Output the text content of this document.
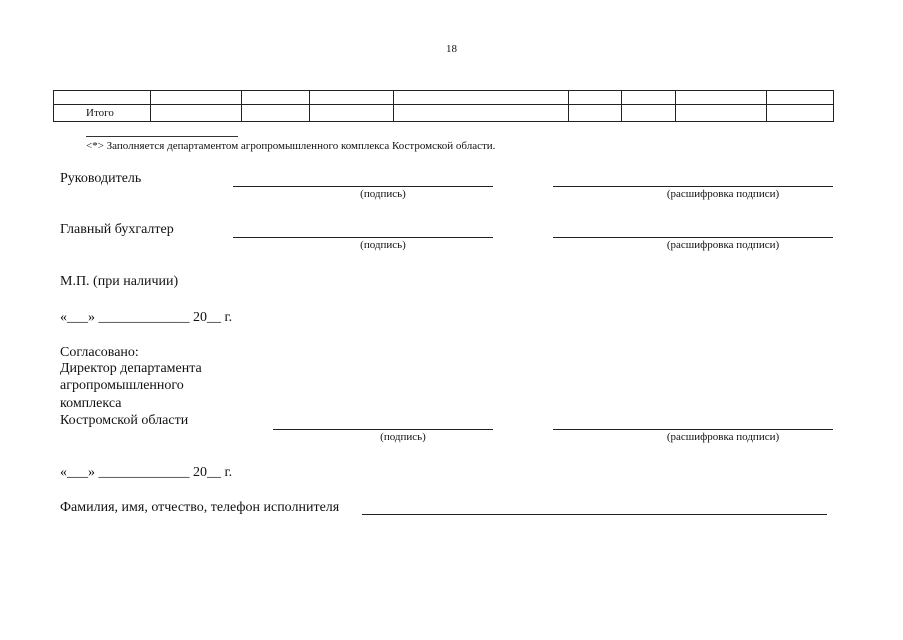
18

Итого								
<*> Заполняется департаментом агропромышленного комплекса Костромской области.
Руководитель
(подпись)	(расшифровка подписи)
Главный бухгалтер
(подпись)	(расшифровка подписи)
М.П. (при наличии)
«___» _____________ 20__ г.
Согласовано:
Директор департамента
агропромышленного
комплекса
Костромской области
(подпись)	(расшифровка подписи)
«___» _____________ 20__ г.
Фамилия, имя, отчество, телефон исполнителя
